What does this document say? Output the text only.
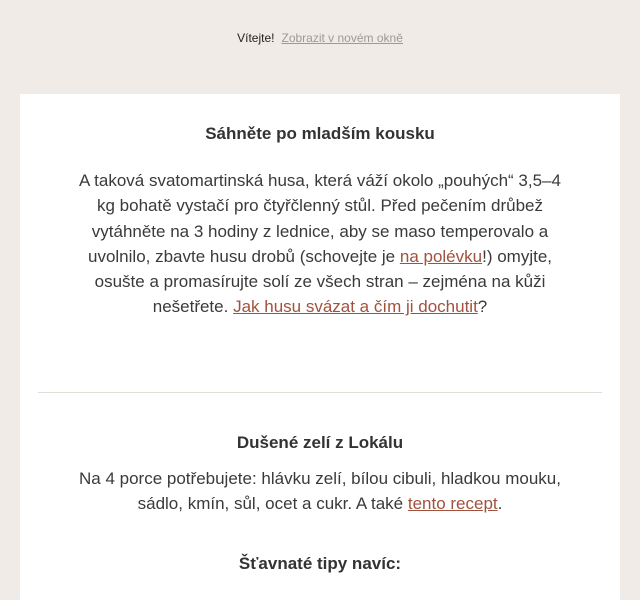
Vítejte! Zobrazit v novém okně
Sáhněte po mladším kousku

A taková svatomartinská husa, která váží okolo „pouhých“ 3,5–4 kg bohatě vystačí pro čtyřčlenný stůl. Před pečením drůbež vytáhněte na 3 hodiny z lednice, aby se maso temperovalo a uvolnilo, zbavte husu drobů (schovejte je na polévku!) omyjte, osušte a promasírujte solí ze všech stran – zejména na kůži nešetřete. Jak husu svázat a čím ji dochutit?

Dušené zelí z Lokálu

Na 4 porce potřebujete: hlávku zelí, bílou cibuli, hladkou mouku, sádlo, kmín, sůl, ocet a cukr. A také tento recept.

Šťavnaté tipy navíc:
